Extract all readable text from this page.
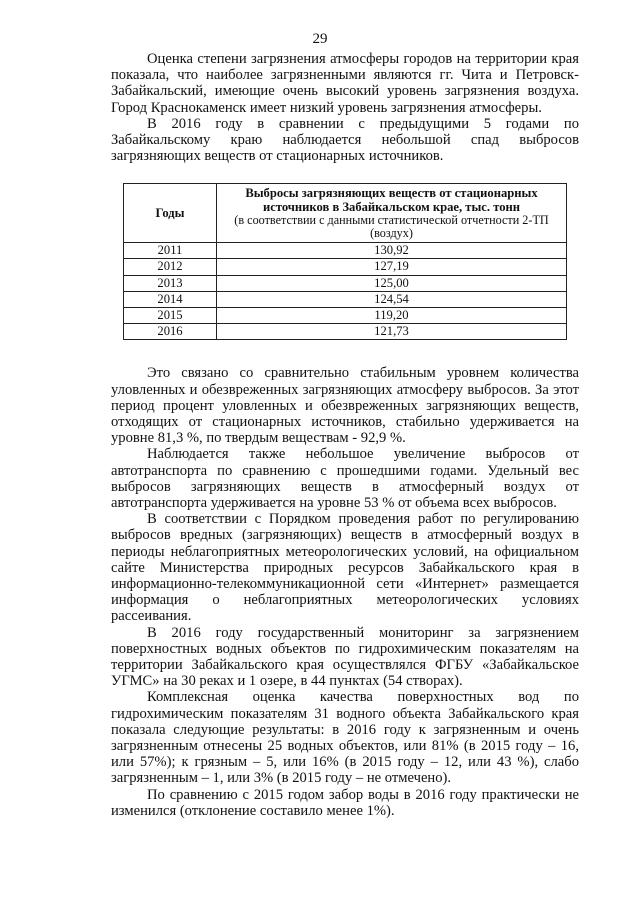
29

Оценка степени загрязнения атмосферы городов на территории края показала, что наиболее загрязненными являются гг. Чита и Петровск-Забайкальский, имеющие очень высокий уровень загрязнения воздуха. Город Краснокаменск имеет низкий уровень загрязнения атмосферы.

В 2016 году в сравнении с предыдущими 5 годами по Забайкальскому краю наблюдается небольшой спад выбросов загрязняющих веществ от стационарных источников.

Годы	Выбросы загрязняющих веществ от стационарных источников в Забайкальском крае, тыс. тонн
(в соответствии с данными статистической отчетности 2-ТП (воздух)

2011	130,92
2012	127,19
2013	125,00
2014	124,54
2015	119,20
2016	121,73

Это связано со сравнительно стабильным уровнем количества уловленных и обезвреженных загрязняющих атмосферу выбросов. За этот период процент уловленных и обезвреженных загрязняющих веществ, отходящих от стационарных источников, стабильно удерживается на уровне 81,3 %, по твердым веществам - 92,9 %.

Наблюдается также небольшое увеличение выбросов от автотранспорта по сравнению с прошедшими годами. Удельный вес выбросов загрязняющих веществ в атмосферный воздух от автотранспорта удерживается на уровне 53 % от объема всех выбросов.

В соответствии с Порядком проведения работ по регулированию выбросов вредных (загрязняющих) веществ в атмосферный воздух в периоды неблагоприятных метеорологических условий, на официальном сайте Министерства природных ресурсов Забайкальского края в информационно-телекоммуникационной сети «Интернет» размещается информация о неблагоприятных метеорологических условиях рассеивания.

В 2016 году государственный мониторинг за загрязнением поверхностных водных объектов по гидрохимическим показателям на территории Забайкальского края осуществлялся ФГБУ «Забайкальское УГМС» на 30 реках и 1 озере, в 44 пунктах (54 створах).

Комплексная оценка качества поверхностных вод по гидрохимическим показателям 31 водного объекта Забайкальского края показала следующие результаты: в 2016 году к загрязненным и очень загрязненным отнесены 25 водных объектов, или 81% (в 2015 году – 16, или 57%); к грязным – 5, или 16% (в 2015 году – 12, или 43 %), слабо загрязненным – 1, или 3% (в 2015 году – не отмечено).

По сравнению с 2015 годом забор воды в 2016 году практически не изменился (отклонение составило менее 1%).
